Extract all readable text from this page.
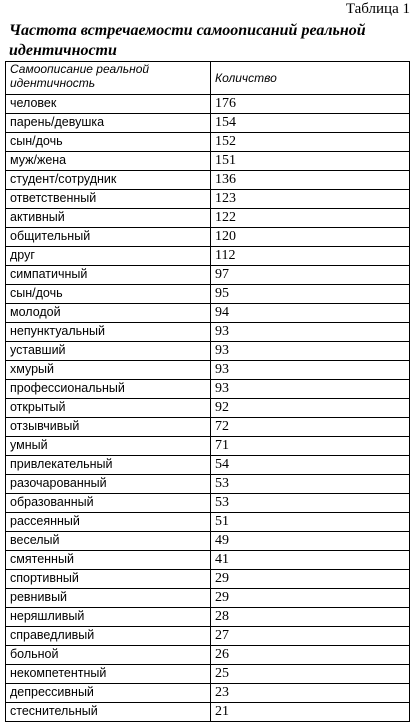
Таблица 1
Частота встречаемости самоописаний реальной идентичности
Самоописание реальной идентичность	Количство
человек	176
парень/девушка	154
сын/дочь	152
муж/жена	151
студент/сотрудник	136
ответственный	123
активный	122
общительный	120
друг	112
симпатичный	97
сын/дочь	95
молодой	94
непунктуальный	93
уставший	93
хмурый	93
профессиональный	93
открытый	92
отзывчивый	72
умный	71
привлекательный	54
разочарованный	53
образованный	53
рассеянный	51
веселый	49
смятенный	41
спортивный	29
ревнивый	29
неряшливый	28
справедливый	27
больной	26
некомпетентный	25
депрессивный	23
стеснительный	21
